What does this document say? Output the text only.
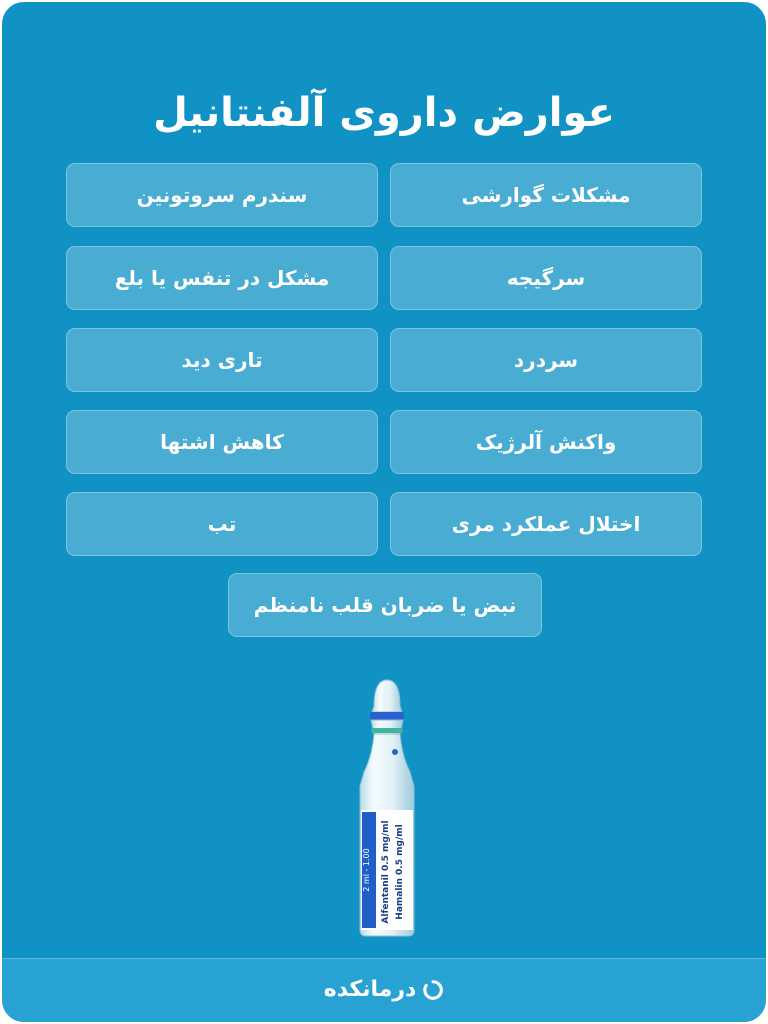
عوارض داروی آلفنتانیل
مشکلات گوارشی
سندرم سروتونین
سرگیجه
مشکل در تنفس یا بلع
سردرد
تاری دید
واکنش آلرژیک
کاهش اشتها
اختلال عملکرد مری
تب
نبض یا ضربان قلب نامنظم
2 ml - 1.00 Alfentanil 0.5 mg/ml Hamalin 0.5 mg/ml
درمانکده
